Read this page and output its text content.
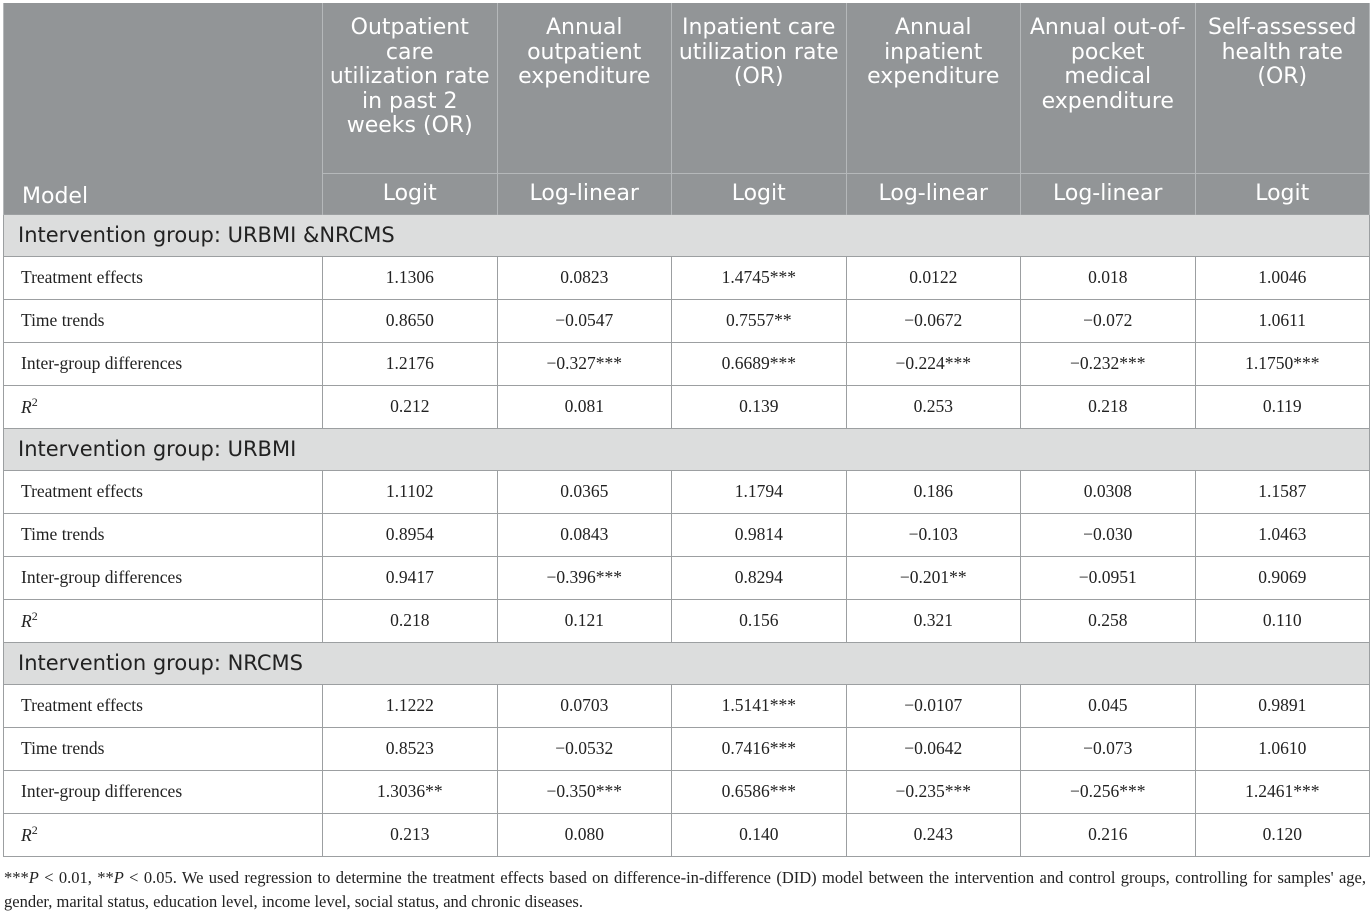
Model	Outpatient care utilization rate in past 2 weeks (OR)	Annual outpatient expenditure	Inpatient care utilization rate (OR)	Annual inpatient expenditure	Annual out-of-pocket medical expenditure	Self-assessed health rate (OR)
	Logit	Log-linear	Logit	Log-linear	Log-linear	Logit
Intervention group: URBMI &NRCMS						
Treatment effects	1.1306	0.0823	1.4745***	0.0122	0.018	1.0046
Time trends	0.8650	−0.0547	0.7557**	−0.0672	−0.072	1.0611
Inter-group differences	1.2176	−0.327***	0.6689***	−0.224***	−0.232***	1.1750***
$R^2$	0.212	0.081	0.139	0.253	0.218	0.119
Intervention group: URBMI						
Treatment effects	1.1102	0.0365	1.1794	0.186	0.0308	1.1587
Time trends	0.8954	0.0843	0.9814	−0.103	−0.030	1.0463
Inter-group differences	0.9417	−0.396***	0.8294	−0.201**	−0.0951	0.9069
$R^2$	0.218	0.121	0.156	0.321	0.258	0.110
Intervention group: NRCMS						
Treatment effects	1.1222	0.0703	1.5141***	−0.0107	0.045	0.9891
Time trends	0.8523	−0.0532	0.7416***	−0.0642	−0.073	1.0610
Inter-group differences	1.3036**	−0.350***	0.6586***	−0.235***	−0.256***	1.2461***
$R^2$	0.213	0.080	0.140	0.243	0.216	0.120
***P < 0.01, **P < 0.05. We used regression to determine the treatment effects based on difference-in-difference (DID) model between the intervention and control groups, controlling for samples' age, gender, marital status, education level, income level, social status, and chronic diseases.
